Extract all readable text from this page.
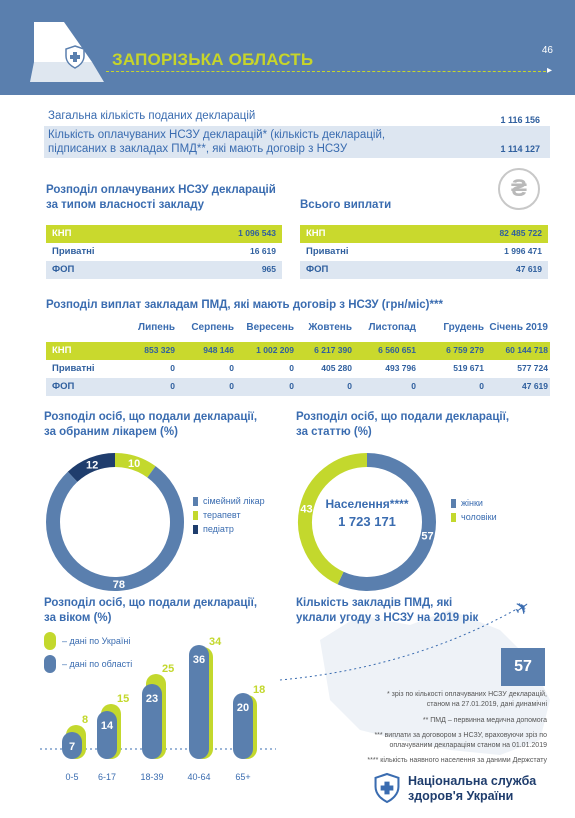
ЗАПОРІЗЬКА ОБЛАСТЬ	46
▸
Загальна кількість поданих декларацій	1 116 156
Кількість оплачуваних НСЗУ декларацій* (кількість декларацій,
підписаних в закладах ПМД**, які мають договір з НСЗУ	1 114 127
Розподіл оплачуваних НСЗУ декларацій
за типом власності закладу
КНП	1 096 543
Приватні	16 619
ФОП	965
Всього виплати
₴
КНП	82 485 722
Приватні	1 996 471
ФОП	47 619
Розподіл виплат закладам ПМД, які мають договір з НСЗУ (грн/міс)***
Липень	Серпень	Вересень	Жовтень	Листопад	Грудень Січень 2019
КНП	853 329	948 146	1 002 209	6 217 390	6 560 651	6 759 279	60 144 718
Приватні	0	0	0	405 280	493 796	519 671	577 724
ФОП	0	0	0	0	0	0	47 619
Розподіл осіб, що подали декларації,
за обраним лікарем (%)
12	10
78
сімейний лікар
терапевт
педіатр
Розподіл осіб, що подали декларації,
за статтю (%)
57
43	Населення****
1 723 171
жінки
чоловіки
Розподіл осіб, що подали декларації,
за віком (%)
– дані по Україні
– дані по області
8
7
0-5
15
14
6-17
25
23
18-39
34
36
40-64
18
20
65+
Кількість закладів ПМД, які
уклали угоду з НСЗУ на 2019 рік ✈
57
* зріз по кількості оплачуваних НСЗУ декларацій,
станом на 27.01.2019, дані динамічні
** ПМД – первинна медична допомога
*** виплати за договором з НСЗУ, враховуючи зріз по
оплачуваним деклараціям станом на 01.01.2019
**** кількість наявного населення за даними Держстату
Національна служба
здоров'я України
